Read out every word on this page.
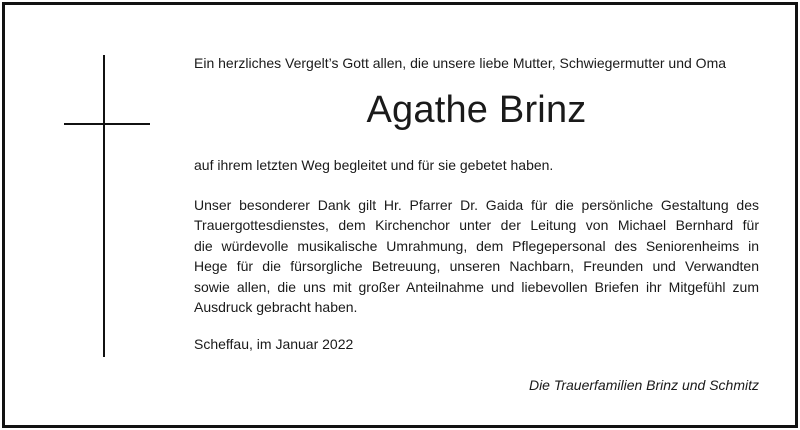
Ein herzliches Vergelt’s Gott allen, die unsere liebe Mutter, Schwiegermutter und Oma
Agathe Brinz
auf ihrem letzten Weg begleitet und für sie gebetet haben.
Unser besonderer Dank gilt Hr. Pfarrer Dr. Gaida für die persönliche Gestaltung des
Trauergottesdienstes, dem Kirchenchor unter der Leitung von Michael Bernhard für
die würdevolle musikalische Umrahmung, dem Pflegepersonal des Seniorenheims in
Hege für die fürsorgliche Betreuung, unseren Nachbarn, Freunden und Verwandten
sowie allen, die uns mit großer Anteilnahme und liebevollen Briefen ihr Mitgefühl zum
Ausdruck gebracht haben.
Scheffau, im Januar 2022
Die Trauerfamilien Brinz und Schmitz
